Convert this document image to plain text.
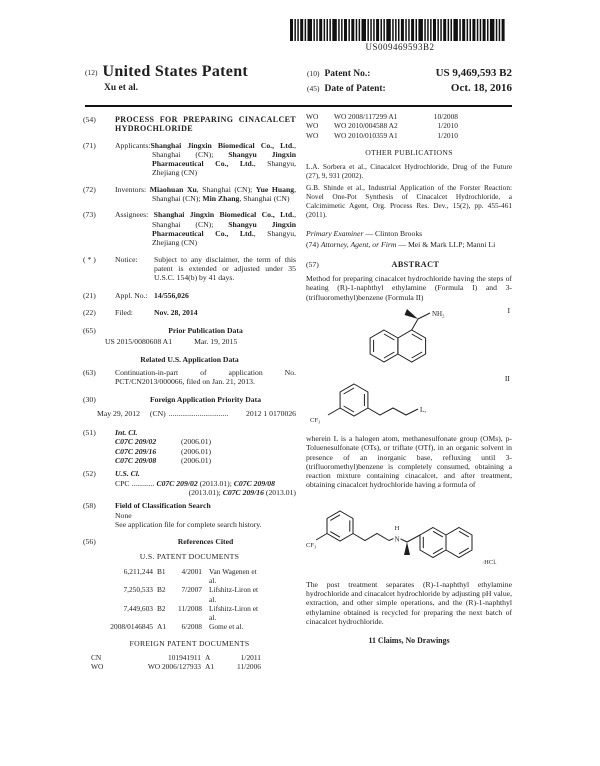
US009469593B2
(12) United States Patent
Xu et al.
(10) Patent No.:	US 9,469,593 B2
(45) Date of Patent:	Oct. 18, 2016
(54)	PROCESS FOR PREPARING CINACALCET HYDROCHLORIDE
(71)	Applicants:Shanghai Jingxin Biomedical Co., Ltd., Shanghai (CN); Shangyu Jingxin Pharmaceutical Co., Ltd., Shangyu, Zhejiang (CN)
(72)	Inventors: Miaohuan Xu, Shanghai (CN); Yue Huang, Shanghai (CN); Min Zhang, Shanghai (CN)
(73)	Assignees: Shanghai Jingxin Biomedical Co., Ltd., Shanghai (CN); Shangyu Jingxin Pharmaceutical Co., Ltd., Shangyu, Zhejiang (CN)
( * )	Notice:	Subject to any disclaimer, the term of this patent is extended or adjusted under 35 U.S.C. 154(b) by 41 days.
(21)	Appl. No.: 14/556,026
(22)	Filed:	Nov. 28, 2014
(65)	Prior Publication Data
US 2015/0080608 A1	Mar. 19, 2015
Related U.S. Application Data
(63)	Continuation-in-part of application No. PCT/CN2013/000066, filed on Jan. 21, 2013.
(30)	Foreign Application Priority Data
May 29, 2012 (CN) ...............................	2012 1 0170026
(51)	Int. Cl.
C07C 209/02	(2006.01)
C07C 209/16	(2006.01)
C07C 209/08	(2006.01)
(52)	U.S. Cl.
CPC ............ C07C 209/02 (2013.01); C07C 209/08
(2013.01); C07C 209/16 (2013.01)
(58)	Field of Classification Search
None
See application file for complete search history.
(56)	References Cited
U.S. PATENT DOCUMENTS
6,211,244 B1	4/2001 Van Wagenen et al.
7,250,533 B2	7/2007 Lifshitz-Liron et al.
7,449,603 B2	11/2008 Lifshitz-Liron et al.
2008/0146845 A1	6/2008 Gome et al.
FOREIGN PATENT DOCUMENTS
CN	101941911 A	1/2011
WO	WO 2006/127933 A1	11/2006
WO	WO 2008/117299 A1	10/2008
WO	WO 2010/004588 A2	1/2010
WO	WO 2010/010359 A1	1/2010
OTHER PUBLICATIONS
L.A. Sorbera et al., Cinacalcet Hydrochloride, Drug of the Future (27), 9, 931 (2002).
G.B. Shinde et al., Industrial Application of the Forster Reaction: Novel One-Pot Synthesis of Cinacalcet Hydrochloride, a Calcimimetic Agent, Org. Process Res. Dev., 15(2), pp. 455-461 (2011).
Primary Examiner — Clinton Brooks
(74) Attorney, Agent, or Firm — Mei & Mark LLP; Manni Li
(57)	ABSTRACT
Method for preparing cinacalcet hydrochloride having the steps of heating (R)-1-naphthyl ethylamine (Formula I) and 3-(trifluoromethyl)benzene (Formula II)
I
NH₂
II
CF₃
L,
wherein L is a halogen atom, methanesulfonate group (OMs), p-Toluenesulfonate (OTs), or triflate (OTf), in an organic solvent in presence of an inorganic base, refluxing until 3-(trifluoromethyl)benzene is completely consumed, obtaining a reaction mixture containing cinacalcet, and after treatment, obtaining cinacalcet hydrochloride having a formula of
CF₃
N
H
·HCl.
The post treatment separates (R)-1-naphthyl ethylamine hydrochloride and cinacalcet hydrochloride by adjusting pH value, extraction, and other simple operations, and the (R)-1-naphthyl ethylamine obtained is recycled for preparing the next batch of cinacalcet hydrochloride.
11 Claims, No Drawings
